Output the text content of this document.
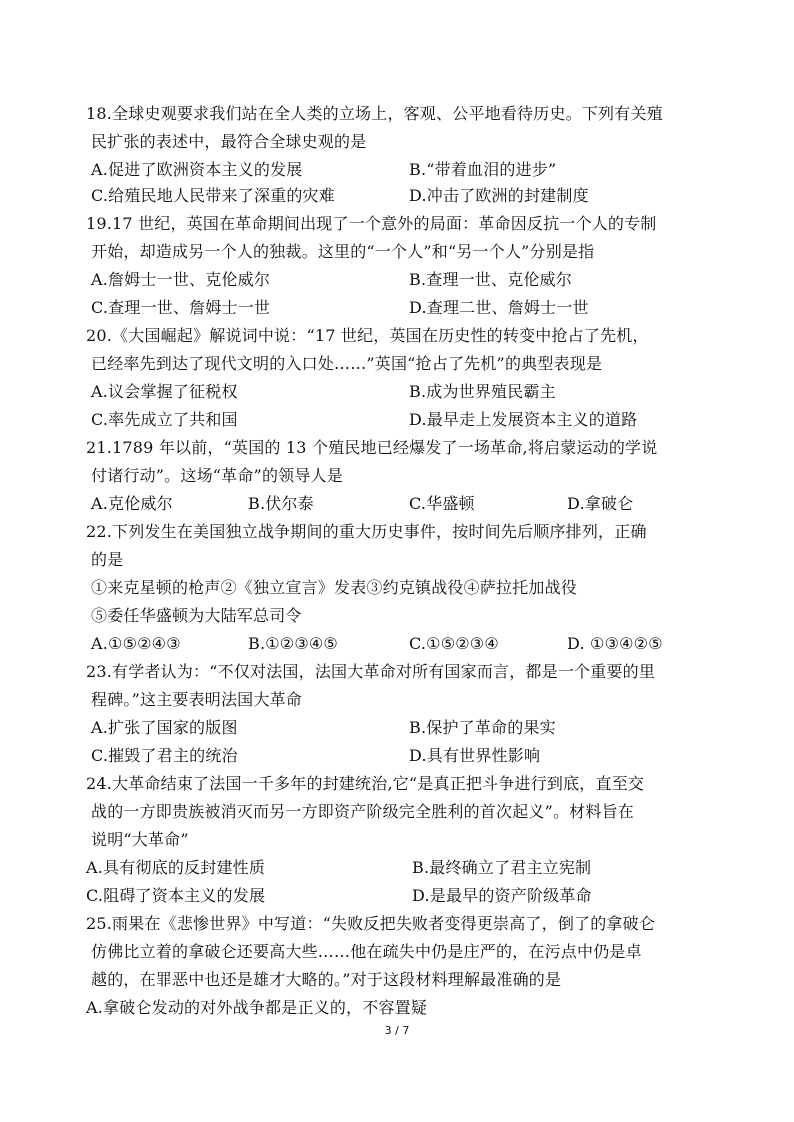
18.全球史观要求我们站在全人类的立场上，客观、公平地看待历史。下列有关殖
民扩张的表述中，最符合全球史观的是
A.促进了欧洲资本主义的发展	B.“带着血泪的进步”
C.给殖民地人民带来了深重的灾难	D.冲击了欧洲的封建制度
19.17 世纪，英国在革命期间出现了一个意外的局面：革命因反抗一个人的专制
开始，却造成另一个人的独裁。这里的“一个人”和“另一个人”分别是指
A.詹姆士一世、克伦威尔	B.查理一世、克伦威尔
C.查理一世、詹姆士一世	D.查理二世、詹姆士一世
20.《大国崛起》解说词中说：“17 世纪，英国在历史性的转变中抢占了先机，
已经率先到达了现代文明的入口处……”英国“抢占了先机”的典型表现是
A.议会掌握了征税权	B.成为世界殖民霸主
C.率先成立了共和国	D.最早走上发展资本主义的道路
21.1789 年以前，“英国的 13 个殖民地已经爆发了一场革命,将启蒙运动的学说
付诸行动”。这场“革命”的领导人是
A.克伦威尔	B.伏尔泰	C.华盛顿	D.拿破仑
22.下列发生在美国独立战争期间的重大历史事件，按时间先后顺序排列，正确
的是
①来克星顿的枪声②《独立宣言》发表③约克镇战役④萨拉托加战役
⑤委任华盛顿为大陆军总司令
A.①⑤②④③	B.①②③④⑤	C.①⑤②③④	D. ①③④②⑤
23.有学者认为：“不仅对法国，法国大革命对所有国家而言，都是一个重要的里
程碑。”这主要表明法国大革命
A.扩张了国家的版图	B.保护了革命的果实
C.摧毁了君主的统治	D.具有世界性影响
24.大革命结束了法国一千多年的封建统治,它“是真正把斗争进行到底，直至交
战的一方即贵族被消灭而另一方即资产阶级完全胜利的首次起义”。材料旨在
说明“大革命”
A.具有彻底的反封建性质	B.最终确立了君主立宪制
C.阻碍了资本主义的发展	D.是最早的资产阶级革命
25.雨果在《悲惨世界》中写道：“失败反把失败者变得更崇高了，倒了的拿破仑
仿佛比立着的拿破仑还要高大些……他在疏失中仍是庄严的，在污点中仍是卓
越的，在罪恶中也还是雄才大略的。”对于这段材料理解最准确的是
A.拿破仑发动的对外战争都是正义的，不容置疑
3 / 7
